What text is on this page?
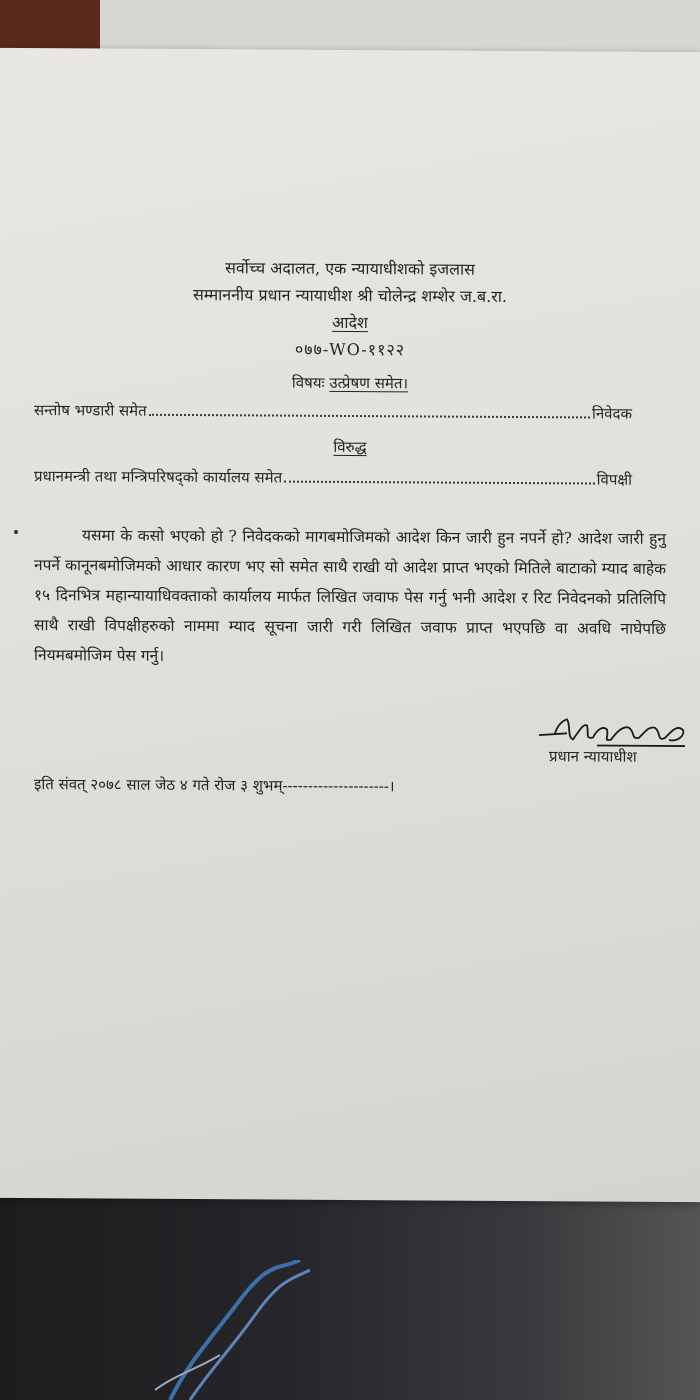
सर्वोच्च अदालत, एक न्यायाधीशको इजलास
सम्माननीय प्रधान न्यायाधीश श्री चोलेन्द्र शम्शेर ज.ब.रा.
आदेश
०७७-WO-११२२
विषयः उत्प्रेषण समेत।
सन्तोष भण्डारी समेत	निवेदक
विरुद्ध
प्रधानमन्त्री तथा मन्त्रिपरिषद्‌को कार्यालय समेत	विपक्षी
यसमा के कसो भएको हो ? निवेदकको मागबमोजिमको आदेश किन जारी हुन नपर्ने हो? आदेश जारी हुनु नपर्ने कानूनबमोजिमको आधार कारण भए सो समेत साथै राखी यो आदेश प्राप्त भएको मितिले बाटाको म्याद बाहेक १५ दिनभित्र महान्यायाधिवक्ताको कार्यालय मार्फत लिखित जवाफ पेस गर्नु भनी आदेश र रिट निवेदनको प्रतिलिपि साथै राखी विपक्षीहरुको नाममा म्याद सूचना जारी गरी लिखित जवाफ प्राप्त भएपछि वा अवधि नाघेपछि नियमबमोजिम पेस गर्नु।
प्रधान न्यायाधीश
इति संवत् २०७८ साल जेठ ४ गते रोज ३ शुभम्---------------------।
